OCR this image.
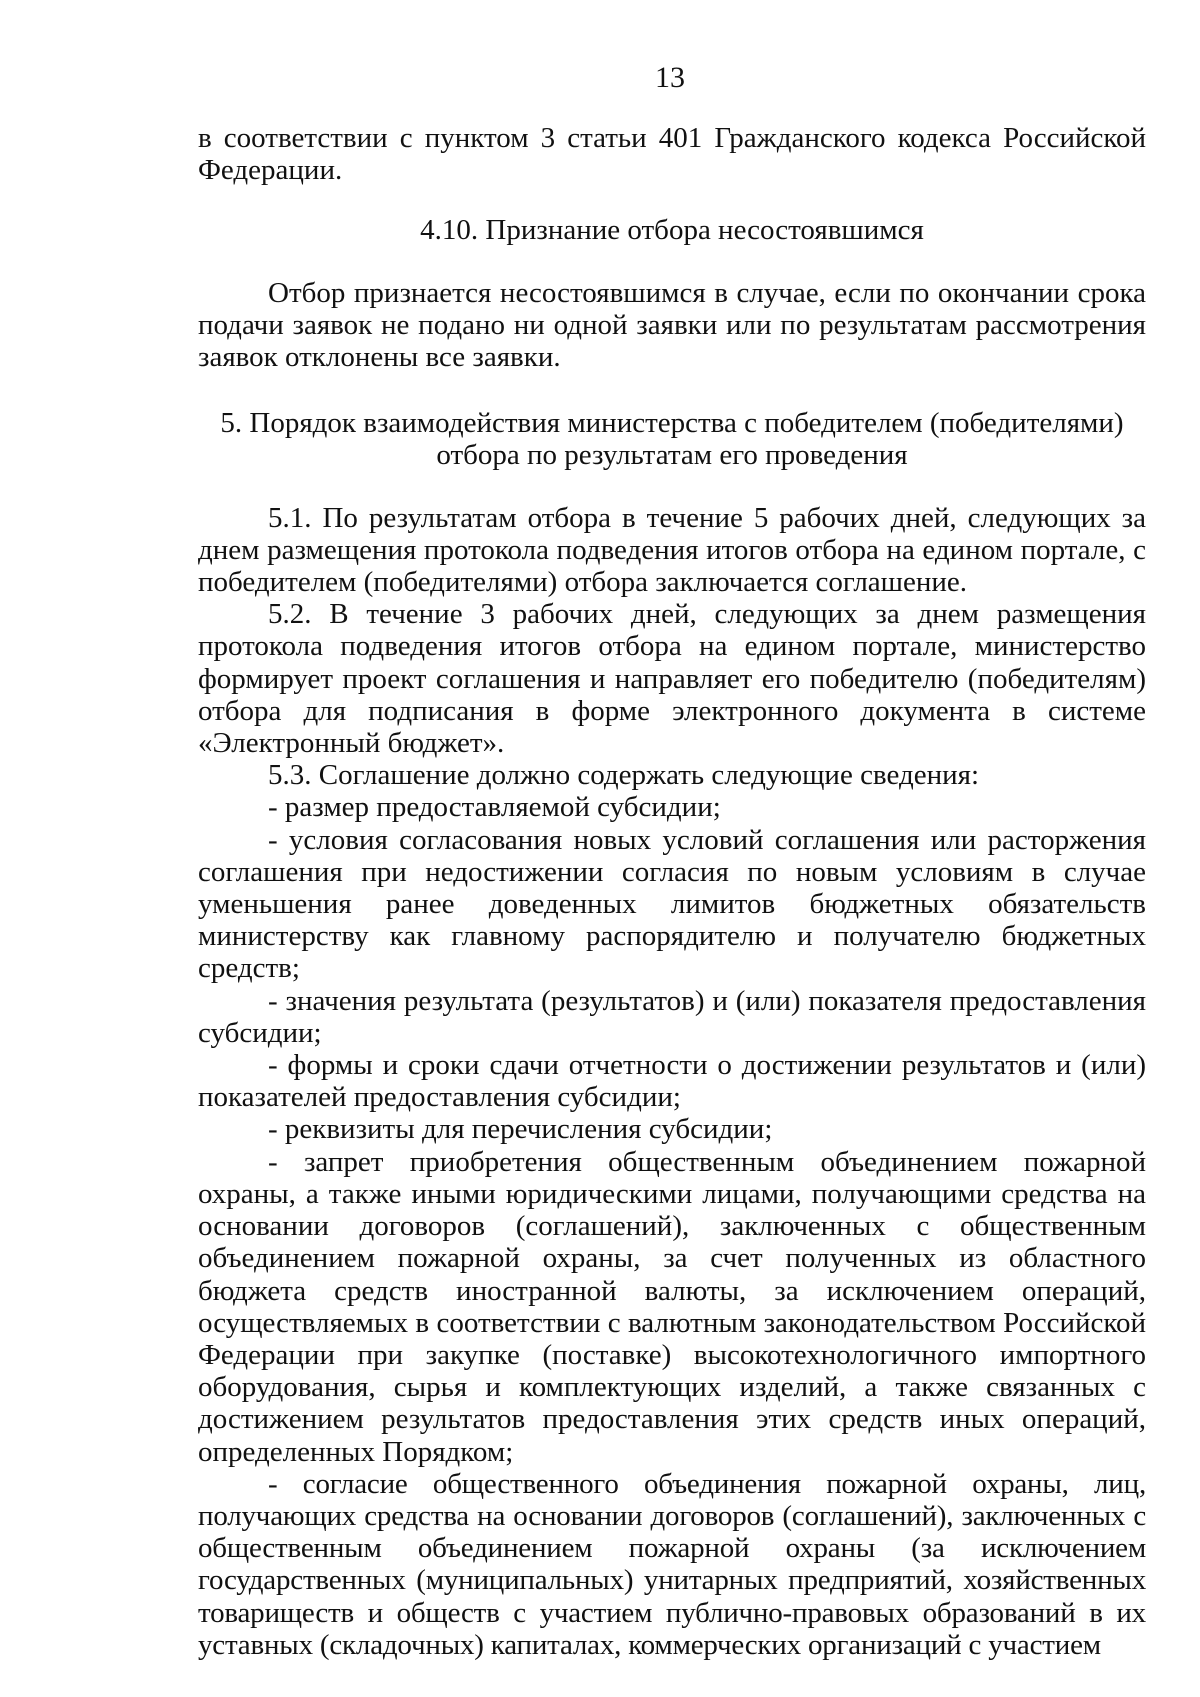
13

в соответствии с пунктом 3 статьи 401 Гражданского кодекса Российской Федерации.

4.10. Признание отбора несостоявшимся

Отбор признается несостоявшимся в случае, если по окончании срока подачи заявок не подано ни одной заявки или по результатам рассмотрения заявок отклонены все заявки.

5. Порядок взаимодействия министерства с победителем (победителями)

отбора по результатам его проведения

5.1. По результатам отбора в течение 5 рабочих дней, следующих за днем размещения протокола подведения итогов отбора на едином портале, с победителем (победителями) отбора заключается соглашение.

5.2. В течение 3 рабочих дней, следующих за днем размещения протокола подведения итогов отбора на едином портале, министерство формирует проект соглашения и направляет его победителю (победителям) отбора для подписания в форме электронного документа в системе «Электронный бюджет».

5.3. Соглашение должно содержать следующие сведения:

- размер предоставляемой субсидии;

- условия согласования новых условий соглашения или расторжения соглашения при недостижении согласия по новым условиям в случае уменьшения ранее доведенных лимитов бюджетных обязательств министерству как главному распорядителю и получателю бюджетных средств;

- значения результата (результатов) и (или) показателя предоставления субсидии;

- формы и сроки сдачи отчетности о достижении результатов и (или) показателей предоставления субсидии;

- реквизиты для перечисления субсидии;

- запрет приобретения общественным объединением пожарной охраны, а также иными юридическими лицами, получающими средства на основании договоров (соглашений), заключенных с общественным объединением пожарной охраны, за счет полученных из областного бюджета средств иностранной валюты, за исключением операций, осуществляемых в соответствии с валютным законодательством Российской Федерации при закупке (поставке) высокотехнологичного импортного оборудования, сырья и комплектующих изделий, а также связанных с достижением результатов предоставления этих средств иных операций, определенных Порядком;

- согласие общественного объединения пожарной охраны, лиц, получающих средства на основании договоров (соглашений), заключенных с общественным объединением пожарной охраны (за исключением государственных (муниципальных) унитарных предприятий, хозяйственных товариществ и обществ с участием публично-правовых образований в их уставных (складочных) капиталах, коммерческих организаций с участием
